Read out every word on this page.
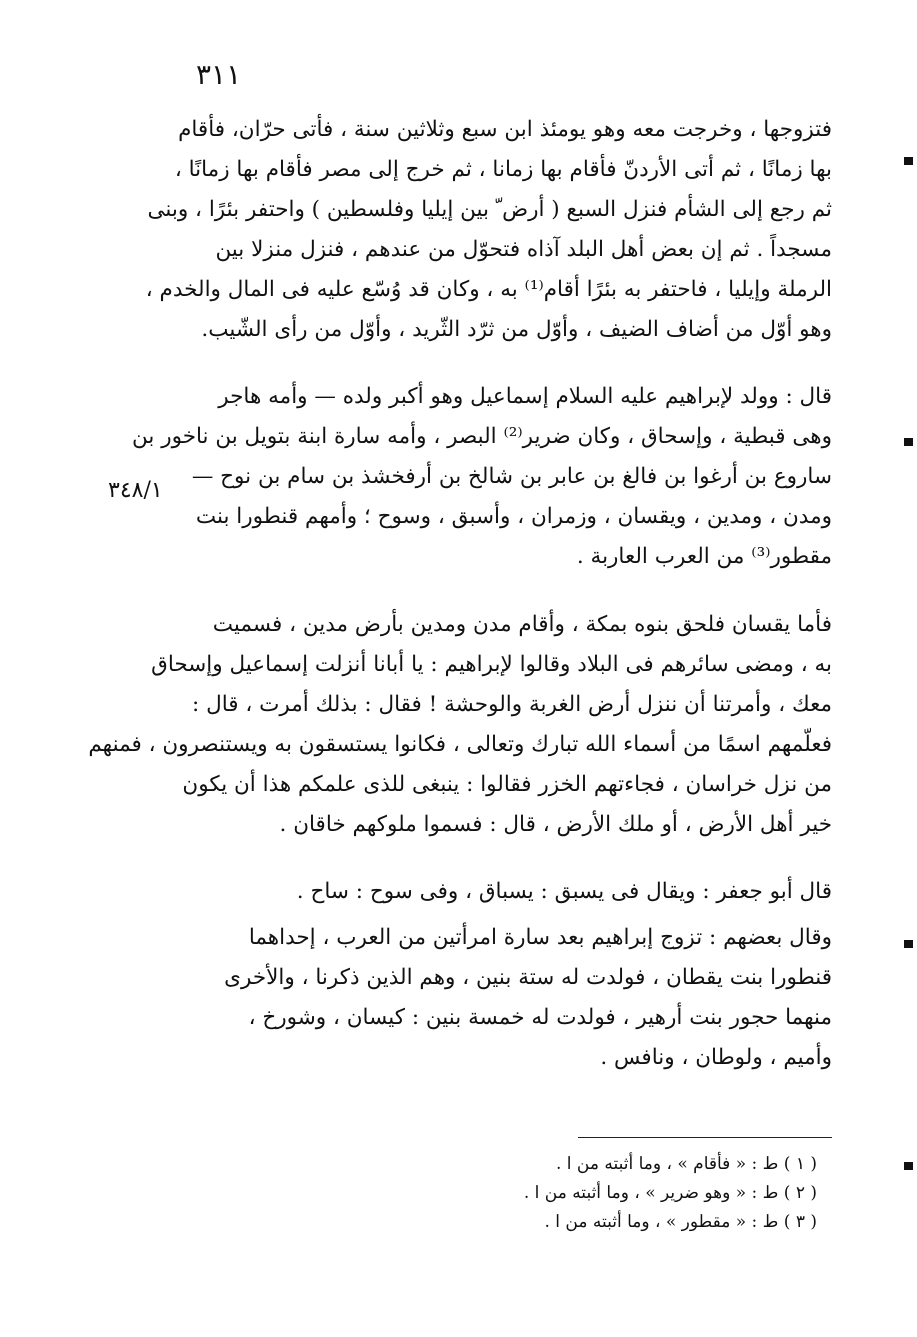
٣١١
٣٤٨/١
فتزوجها ، وخرجت معه وهو يومئذ ابن سبع وثلاثين سنة ، فأتى حرّان، فأقام
بها زمانًا ، ثم أتى الأردنّ فأقام بها زمانا ، ثم خرج إلى مصر فأقام بها زمانًا ،
ثم رجع إلى الشأم فنزل السبع ( أرض ّ بين إيليا وفلسطين ) واحتفر بئرًا ، وبنى
مسجداً . ثم إن بعض أهل البلد آذاه فتحوّل من عندهم ، فنزل منزلا بين
الرملة وإيليا ، فاحتفر به بئرًا أقام⁽¹⁾ به ، وكان قد وُسّع عليه فى المال والخدم ،
وهو أوّل من أضاف الضيف ، وأوّل من ثرّد الثّريد ، وأوّل من رأى الشّيب.
قال : وولد لإبراهيم عليه السلام إسماعيل وهو أكبر ولده — وأمه هاجر
وهى قبطية ، وإسحاق ، وكان ضرير⁽²⁾ البصر ، وأمه سارة ابنة بتويل بن ناخور بن
ساروع بن أرغوا بن فالغ بن عابر بن شالخ بن أرفخشذ بن سام بن نوح —
ومدن ، ومدين ، ويقسان ، وزمران ، وأسبق ، وسوح ؛ وأمهم قنطورا بنت
مقطور⁽³⁾ من العرب العاربة .
فأما يقسان فلحق بنوه بمكة ، وأقام مدن ومدين بأرض مدين ، فسميت
به ، ومضى سائرهم فى البلاد وقالوا لإبراهيم : يا أبانا أنزلت إسماعيل وإسحاق
معك ، وأمرتنا أن ننزل أرض الغربة والوحشة ! فقال : بذلك أمرت ، قال :
فعلّمهم اسمًا من أسماء الله تبارك وتعالى ، فكانوا يستسقون به ويستنصرون ، فمنهم
من نزل خراسان ، فجاءتهم الخزر فقالوا : ينبغى للذى علمكم هذا أن يكون
خير أهل الأرض ، أو ملك الأرض ، قال : فسموا ملوكهم خاقان .
قال أبو جعفر : ويقال فى يسبق : يسباق ، وفى سوح : ساح .
وقال بعضهم : تزوج إبراهيم بعد سارة امرأتين من العرب ، إحداهما
قنطورا بنت يقطان ، فولدت له ستة بنين ، وهم الذين ذكرنا ، والأخرى
منهما حجور بنت أرهير ، فولدت له خمسة بنين : كيسان ، وشورخ ،
وأميم ، ولوطان ، ونافس .
( ١ ) ط : « فأقام » ، وما أثبته من ا .
( ٢ ) ط : « وهو ضرير » ، وما أثبته من ا .
( ٣ ) ط : « مقطور » ، وما أثبته من ا .
